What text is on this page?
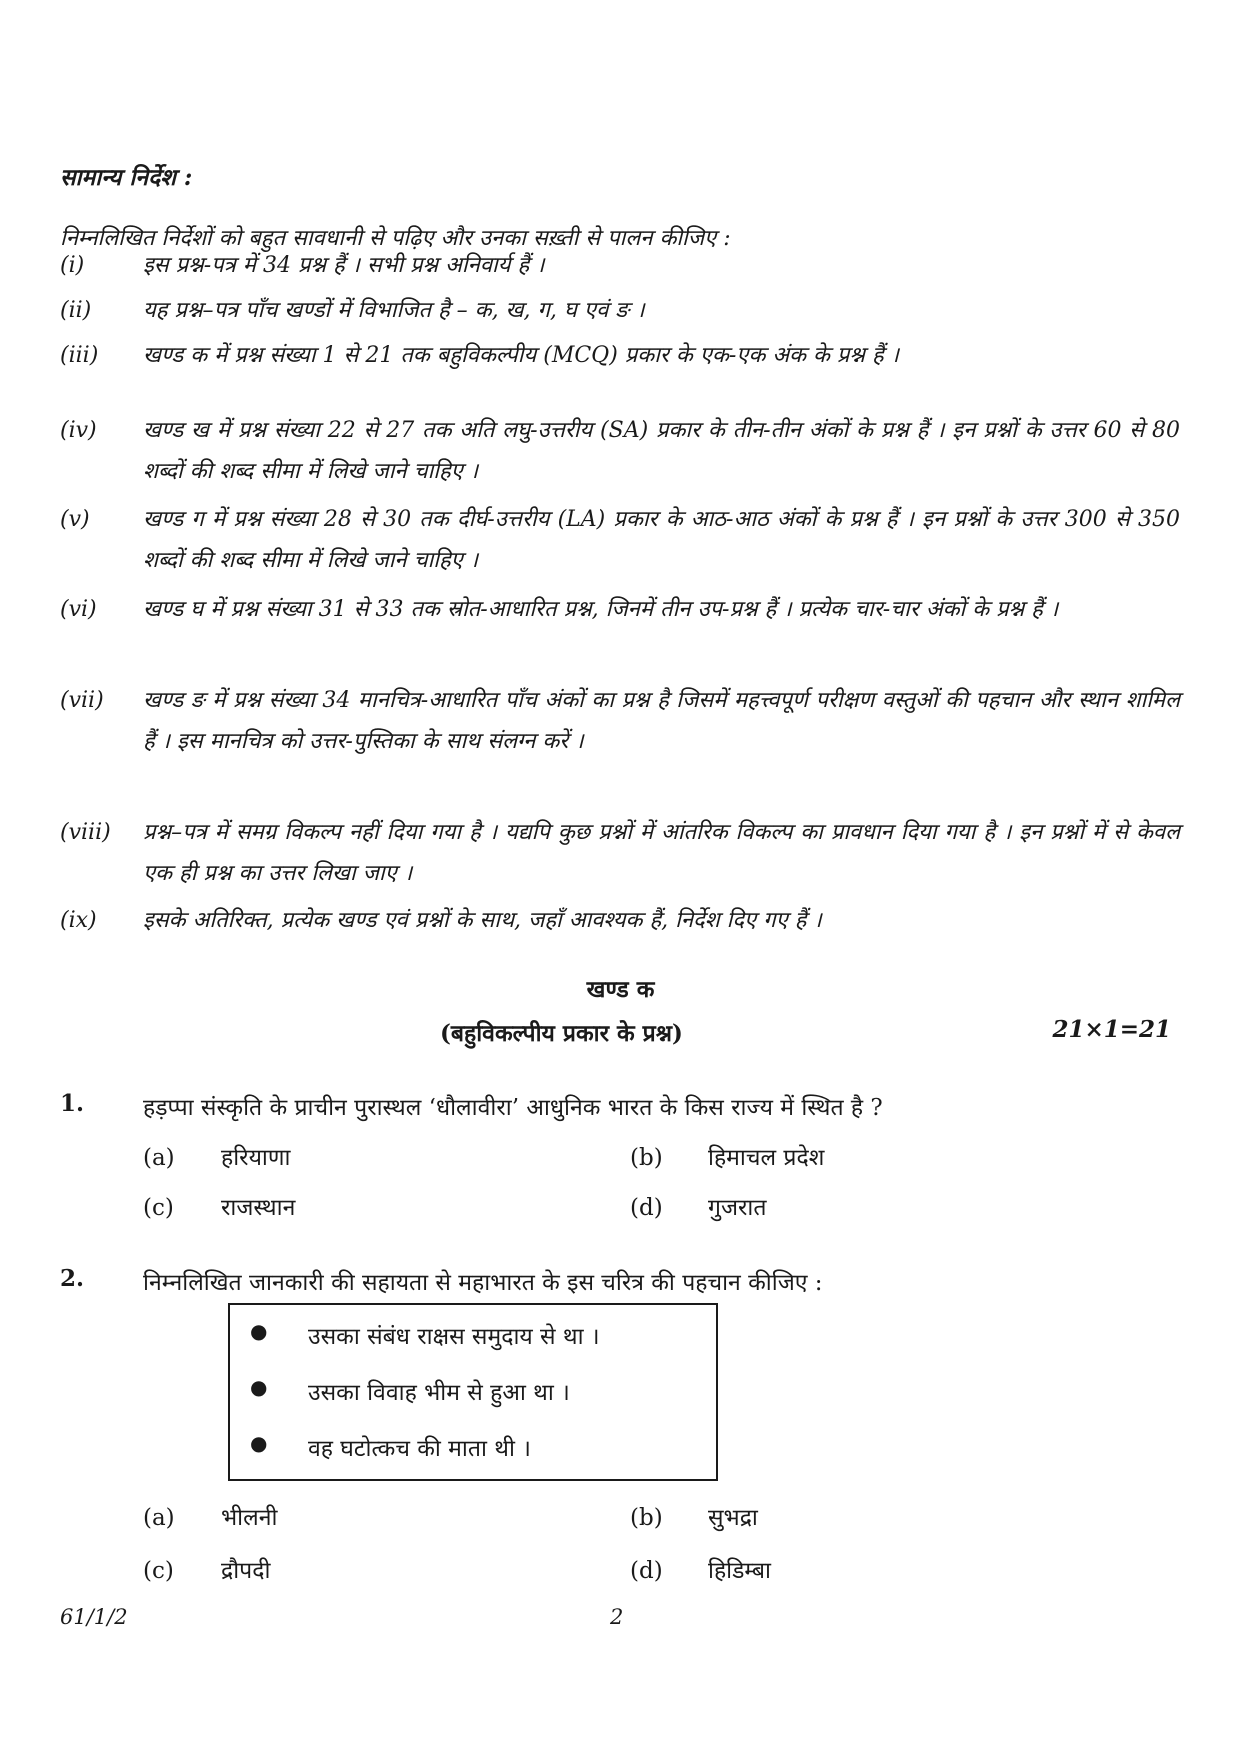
सामान्य निर्देश :
निम्नलिखित निर्देशों को बहुत सावधानी से पढ़िए और उनका सख़्ती से पालन कीजिए :
(i)	इस प्रश्न-पत्र में 34 प्रश्न हैं । सभी प्रश्न अनिवार्य हैं ।
(ii)	यह प्रश्न–पत्र पाँच खण्डों में विभाजित है – क, ख, ग, घ एवं ङ ।
(iii)	खण्ड क में प्रश्न संख्या 1 से 21 तक बहुविकल्पीय (MCQ) प्रकार के एक-एक अंक के प्रश्न हैं ।
(iv)	खण्ड ख में प्रश्न संख्या 22 से 27 तक अति लघु-उत्तरीय (SA) प्रकार के तीन-तीन अंकों के प्रश्न हैं । इन प्रश्नों के उत्तर 60 से 80 शब्दों की शब्द सीमा में लिखे जाने चाहिए ।
(v)	खण्ड ग में प्रश्न संख्या 28 से 30 तक दीर्घ-उत्तरीय (LA) प्रकार के आठ-आठ अंकों के प्रश्न हैं । इन प्रश्नों के उत्तर 300 से 350 शब्दों की शब्द सीमा में लिखे जाने चाहिए ।
(vi)	खण्ड घ में प्रश्न संख्या 31 से 33 तक स्रोत-आधारित प्रश्न, जिनमें तीन उप-प्रश्न हैं । प्रत्येक चार-चार अंकों के प्रश्न हैं ।
(vii)	खण्ड ङ में प्रश्न संख्या 34 मानचित्र-आधारित पाँच अंकों का प्रश्न है जिसमें महत्त्वपूर्ण परीक्षण वस्तुओं की पहचान और स्थान शामिल हैं । इस मानचित्र को उत्तर-पुस्तिका के साथ संलग्न करें ।
(viii)	प्रश्न–पत्र में समग्र विकल्प नहीं दिया गया है । यद्यपि कुछ प्रश्नों में आंतरिक विकल्प का प्रावधान दिया गया है । इन प्रश्नों में से केवल एक ही प्रश्न का उत्तर लिखा जाए ।
(ix)	इसके अतिरिक्त, प्रत्येक खण्ड एवं प्रश्नों के साथ, जहाँ आवश्यक हैं, निर्देश दिए गए हैं ।
खण्ड क
(बहुविकल्पीय प्रकार के प्रश्न)	21×1=21
1.	हड़प्पा संस्कृति के प्राचीन पुरास्थल ‘धौलावीरा’ आधुनिक भारत के किस राज्य में स्थित है ?
(a) हरियाणा	(b) हिमाचल प्रदेश
(c) राजस्थान	(d) गुजरात
2.	निम्नलिखित जानकारी की सहायता से महाभारत के इस चरित्र की पहचान कीजिए :
● उसका संबंध राक्षस समुदाय से था ।
● उसका विवाह भीम से हुआ था ।
● वह घटोत्कच की माता थी ।
(a) भीलनी	(b) सुभद्रा
(c) द्रौपदी	(d) हिडिम्बा
61/1/2	2
